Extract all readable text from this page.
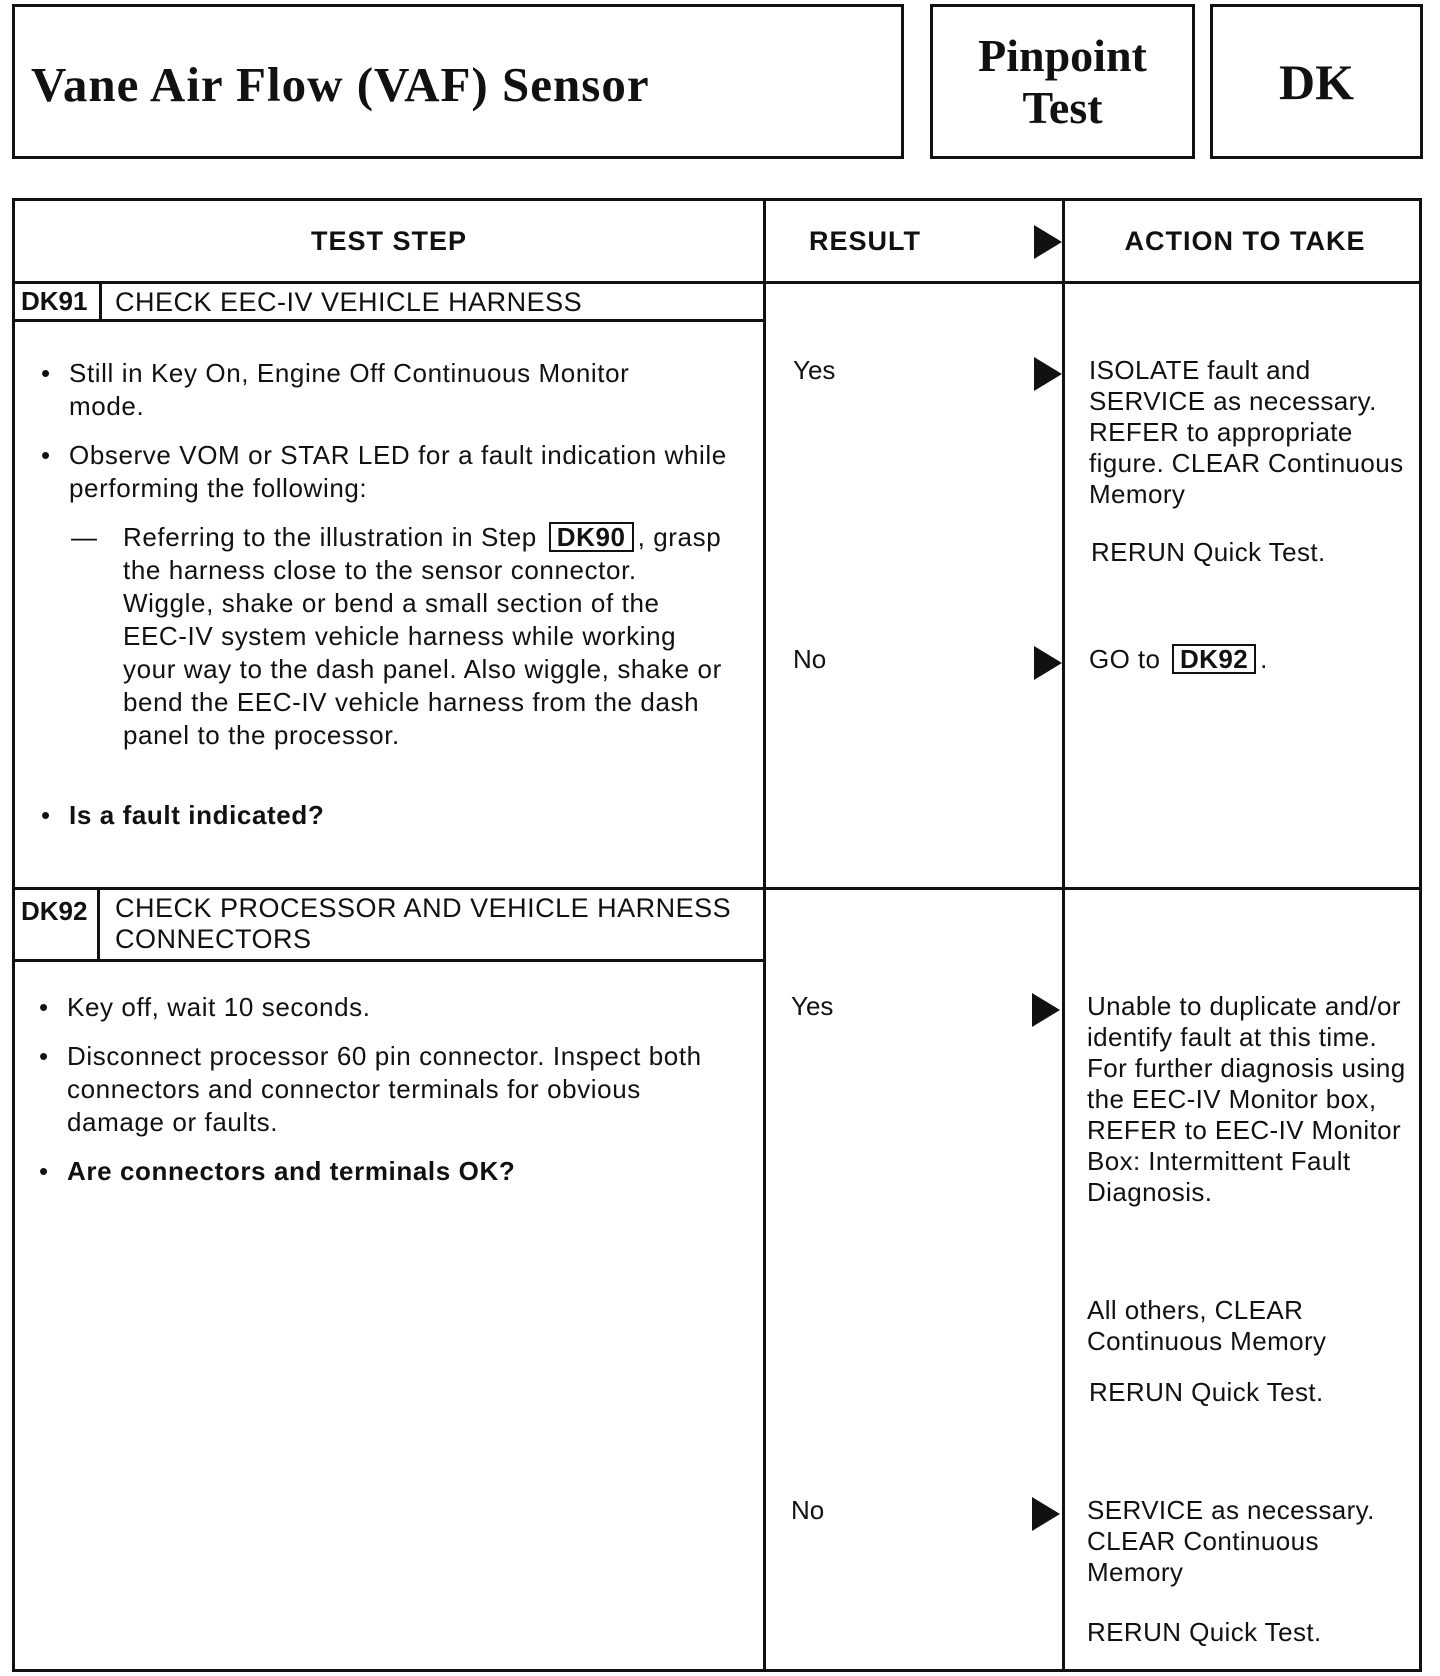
Vane Air Flow (VAF) Sensor
Pinpoint
Test	DK
TEST STEP	RESULT	ACTION TO TAKE
DK91	CHECK EEC-IV VEHICLE HARNESS
• Still in Key On, Engine Off Continuous Monitor mode.
• Observe VOM or STAR LED for a fault indication while performing the following:
— Referring to the illustration in Step DK90 , grasp the harness close to the sensor connector. Wiggle, shake or bend a small section of the EEC-IV system vehicle harness while working your way to the dash panel. Also wiggle, shake or bend the EEC-IV vehicle harness from the dash panel to the processor.
• Is a fault indicated?
Yes	ISOLATE fault and SERVICE as necessary. REFER to appropriate figure. CLEAR Continuous Memory
RERUN Quick Test.
No	GO to DK92 .
DK92	CHECK PROCESSOR AND VEHICLE HARNESS CONNECTORS
• Key off, wait 10 seconds.
• Disconnect processor 60 pin connector. Inspect both connectors and connector terminals for obvious damage or faults.
• Are connectors and terminals OK?
Yes	Unable to duplicate and/or identify fault at this time. For further diagnosis using the EEC-IV Monitor box, REFER to EEC-IV Monitor Box: Intermittent Fault Diagnosis.
All others, CLEAR Continuous Memory
RERUN Quick Test.
No	SERVICE as necessary. CLEAR Continuous Memory
RERUN Quick Test.
